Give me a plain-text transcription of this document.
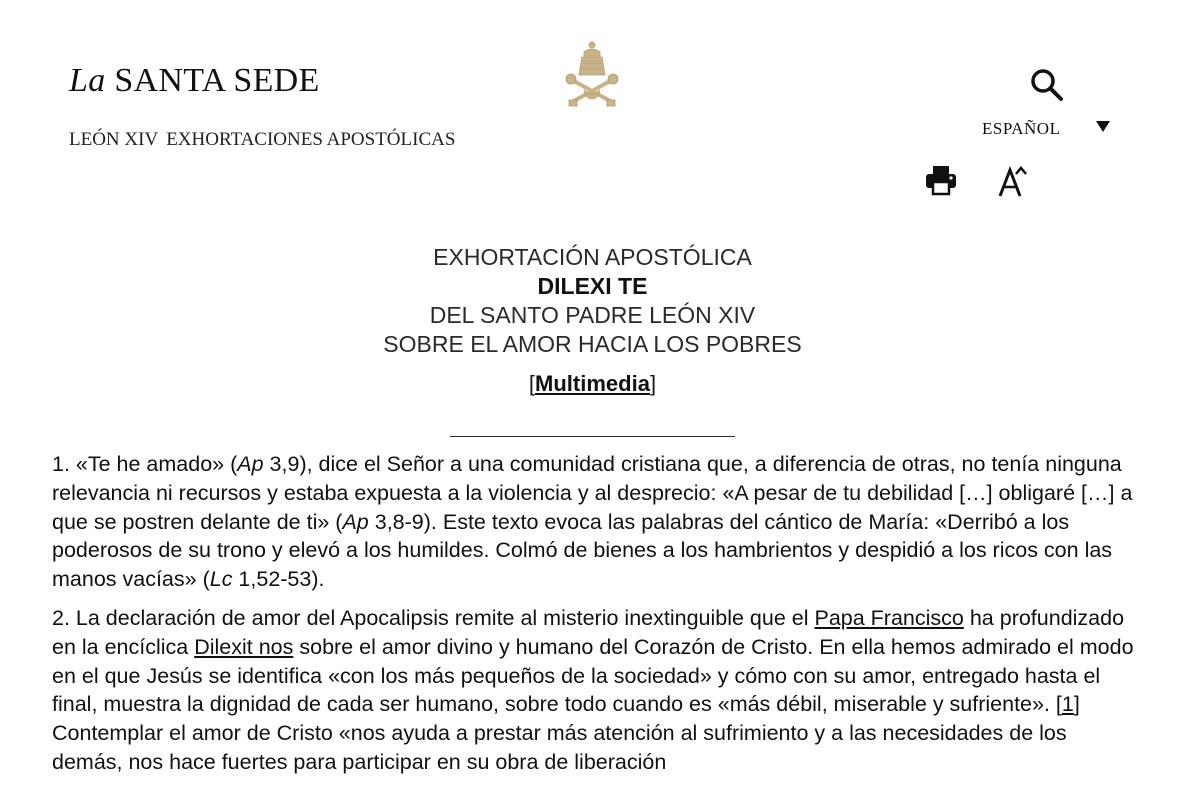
La SANTA SEDE
LEÓN XIV EXHORTACIONES APOSTÓLICAS
ESPAÑOL
EXHORTACIÓN APOSTÓLICA
DILEXI TE
DEL SANTO PADRE LEÓN XIV
SOBRE EL AMOR HACIA LOS POBRES
[Multimedia]

1. «Te he amado» (Ap 3,9), dice el Señor a una comunidad cristiana que, a diferencia de otras, no tenía ninguna relevancia ni recursos y estaba expuesta a la violencia y al desprecio: «A pesar de tu debilidad […] obligaré […] a que se postren delante de ti» (Ap 3,8-9). Este texto evoca las palabras del cántico de María: «Derribó a los poderosos de su trono y elevó a los humildes. Colmó de bienes a los hambrientos y despidió a los ricos con las manos vacías» (Lc 1,52-53).

2. La declaración de amor del Apocalipsis remite al misterio inextinguible que el Papa Francisco ha profundizado en la encíclica Dilexit nos sobre el amor divino y humano del Corazón de Cristo. En ella hemos admirado el modo en el que Jesús se identifica «con los más pequeños de la sociedad» y cómo con su amor, entregado hasta el final, muestra la dignidad de cada ser humano, sobre todo cuando es «más débil, miserable y sufriente». [1] Contemplar el amor de Cristo «nos ayuda a prestar más atención al sufrimiento y a las necesidades de los demás, nos hace fuertes para participar en su obra de liberación
